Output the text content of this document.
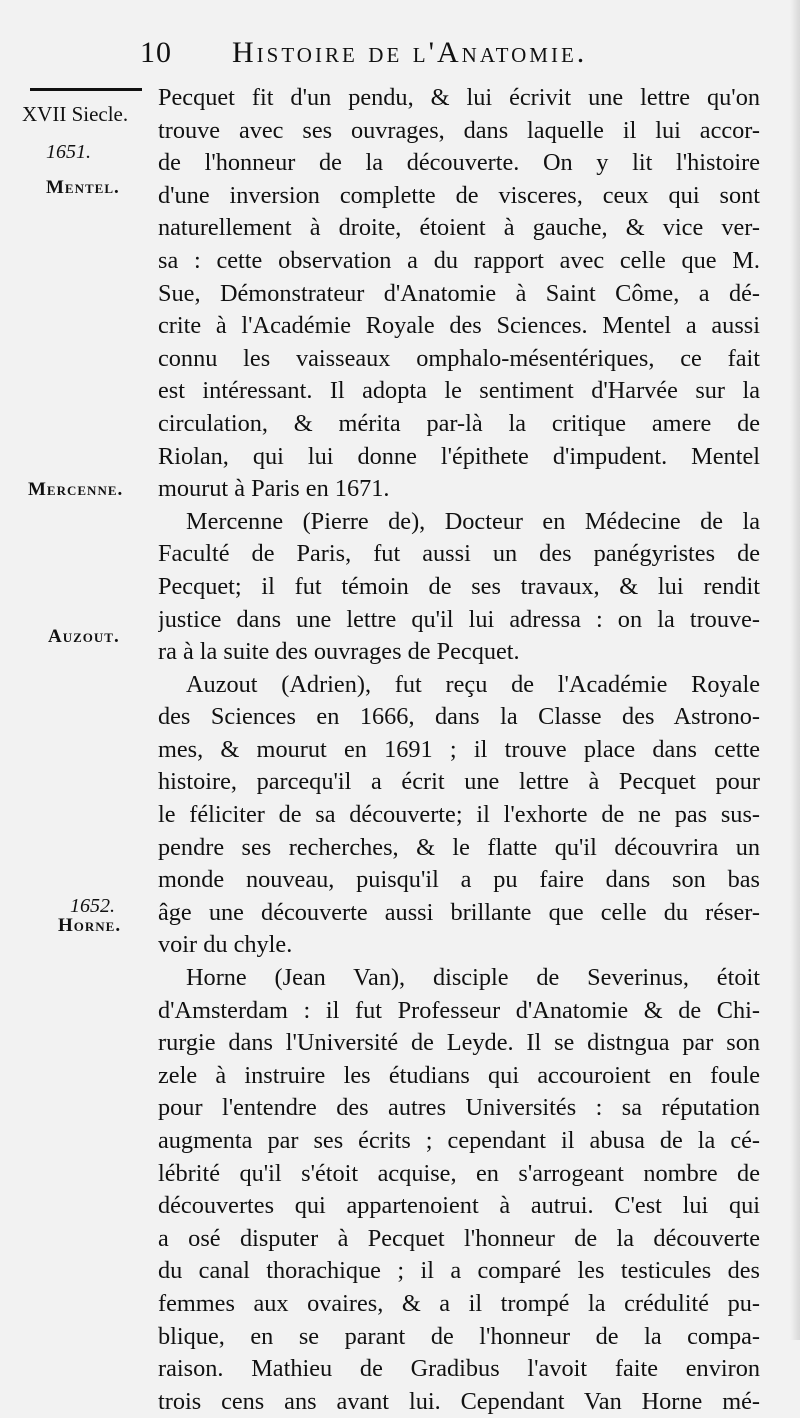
10 Histoire de l'Anatomie.
XVII Siecle.
1651.
Mentel.
Mercenne.
Auzout.
1652.
Horne.
Pecquet fit d'un pendu, & lui écrivit une lettre qu'on
trouve avec ses ouvrages, dans laquelle il lui accor-
de l'honneur de la découverte. On y lit l'histoire
d'une inversion complette de visceres, ceux qui sont
naturellement à droite, étoient à gauche, & vice ver-
sa : cette observation a du rapport avec celle que M.
Sue, Démonstrateur d'Anatomie à Saint Côme, a dé-
crite à l'Académie Royale des Sciences. Mentel a aussi
connu les vaisseaux omphalo-mésentériques, ce fait
est intéressant. Il adopta le sentiment d'Harvée sur la
circulation, & mérita par-là la critique amere de
Riolan, qui lui donne l'épithete d'impudent. Mentel
mourut à Paris en 1671.
Mercenne (Pierre de), Docteur en Médecine de la
Faculté de Paris, fut aussi un des panégyristes de
Pecquet; il fut témoin de ses travaux, & lui rendit
justice dans une lettre qu'il lui adressa : on la trouve-
ra à la suite des ouvrages de Pecquet.
Auzout (Adrien), fut reçu de l'Académie Royale
des Sciences en 1666, dans la Classe des Astrono-
mes, & mourut en 1691 ; il trouve place dans cette
histoire, parcequ'il a écrit une lettre à Pecquet pour
le féliciter de sa découverte; il l'exhorte de ne pas sus-
pendre ses recherches, & le flatte qu'il découvrira un
monde nouveau, puisqu'il a pu faire dans son bas
âge une découverte aussi brillante que celle du réser-
voir du chyle.
Horne (Jean Van), disciple de Severinus, étoit
d'Amsterdam : il fut Professeur d'Anatomie & de Chi-
rurgie dans l'Université de Leyde. Il se distngua par son
zele à instruire les étudians qui accouroient en foule
pour l'entendre des autres Universités : sa réputation
augmenta par ses écrits ; cependant il abusa de la cé-
lébrité qu'il s'étoit acquise, en s'arrogeant nombre de
découvertes qui appartenoient à autrui. C'est lui qui
a osé disputer à Pecquet l'honneur de la découverte
du canal thorachique ; il a comparé les testicules des
femmes aux ovaires, & a il trompé la crédulité pu-
blique, en se parant de l'honneur de la compa-
raison. Mathieu de Gradibus l'avoit faite environ
trois cens ans avant lui. Cependant Van Horne mé-
